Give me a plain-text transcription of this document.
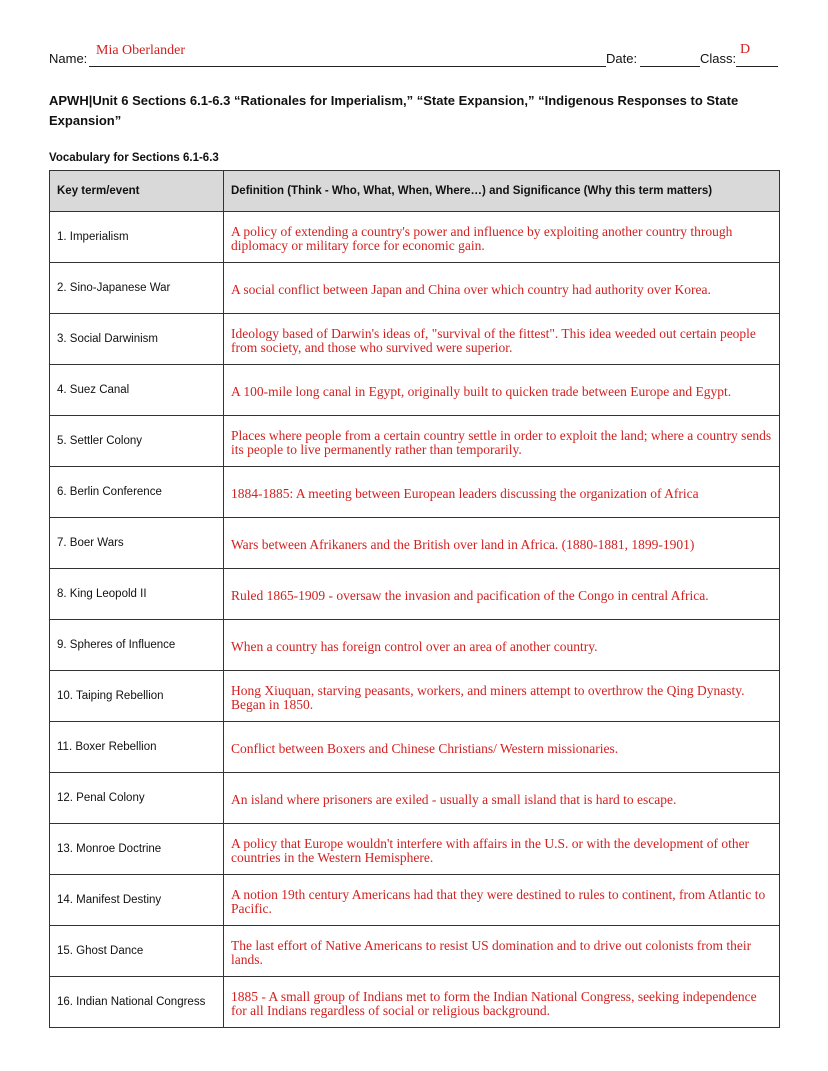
Name:
Mia Oberlander
Date:	Class:
D
APWH|Unit 6 Sections 6.1-6.3 “Rationales for Imperialism,” “State Expansion,” “Indigenous Responses to State Expansion”
Vocabulary for Sections 6.1-6.3
Key term/event	Definition (Think - Who, What, When, Where…) and Significance (Why this term matters)
1. Imperialism	A policy of extending a country's power and influence by exploiting another country through diplomacy or military force for economic gain.

2. Sino-Japanese War	A social conflict between Japan and China over which country had authority over Korea.

3. Social Darwinism	Ideology based of Darwin's ideas of, "survival of the fittest". This idea weeded out certain people from society, and those who survived were superior.

4. Suez Canal	A 100-mile long canal in Egypt, originally built to quicken trade between Europe and Egypt.

5. Settler Colony	Places where people from a certain country settle in order to exploit the land; where a country sends its people to live permanently rather than temporarily.

6. Berlin Conference	1884-1885: A meeting between European leaders discussing the organization of Africa

7. Boer Wars	Wars between Afrikaners and the British over land in Africa. (1880-1881, 1899-1901)

8. King Leopold II	Ruled 1865-1909 - oversaw the invasion and pacification of the Congo in central Africa.

9. Spheres of Influence	When a country has foreign control over an area of another country.

10. Taiping Rebellion	Hong Xiuquan, starving peasants, workers, and miners attempt to overthrow the Qing Dynasty. Began in 1850.

11. Boxer Rebellion	Conflict between Boxers and Chinese Christians/ Western missionaries.

12. Penal Colony	An island where prisoners are exiled - usually a small island that is hard to escape.

13. Monroe Doctrine	A policy that Europe wouldn't interfere with affairs in the U.S. or with the development of other countries in the Western Hemisphere.

14. Manifest Destiny	A notion 19th century Americans had that they were destined to rules to continent, from Atlantic to Pacific.

15. Ghost Dance	The last effort of Native Americans to resist US domination and to drive out colonists from their lands.

16. Indian National Congress	1885 - A small group of Indians met to form the Indian National Congress, seeking independence for all Indians regardless of social or religious background.
